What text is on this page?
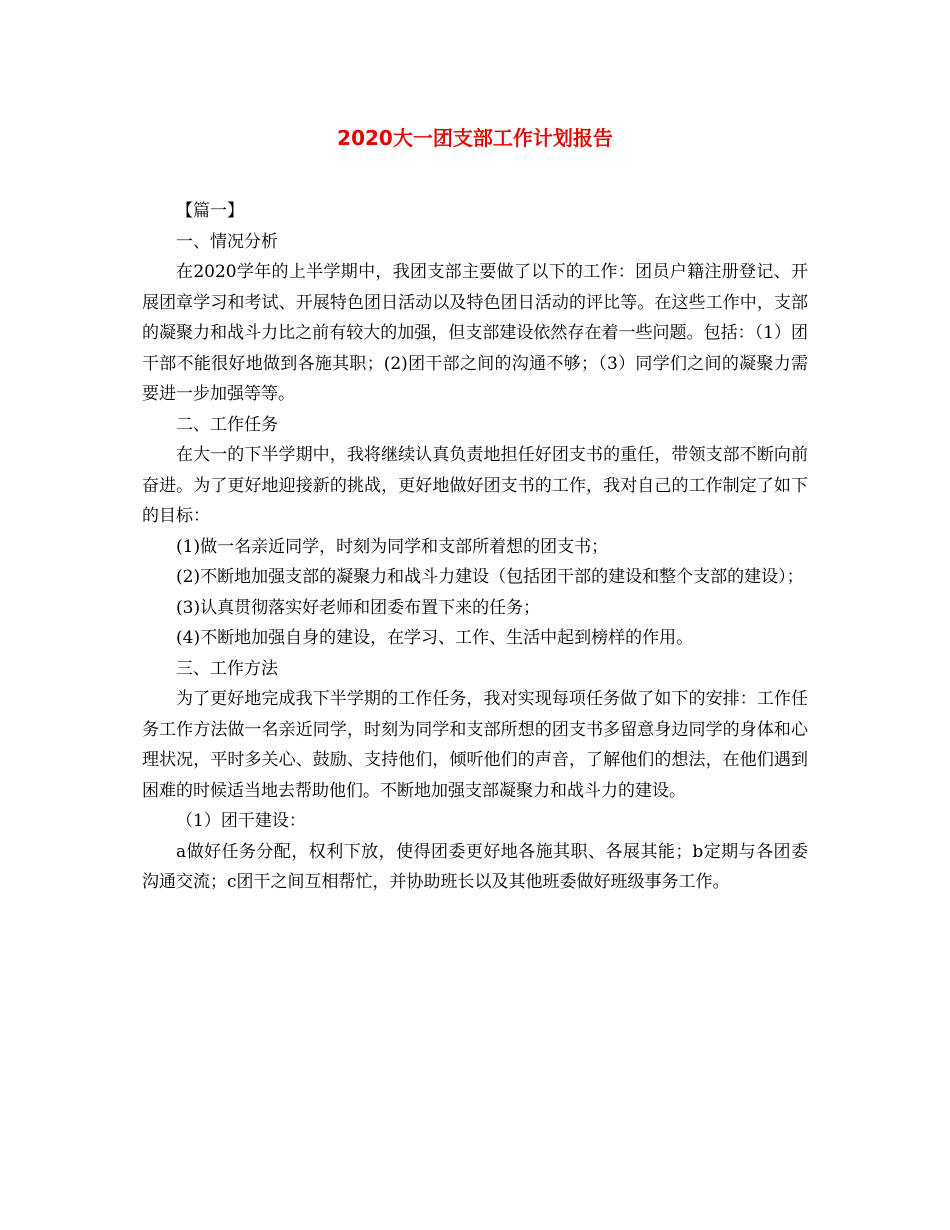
2020大一团支部工作计划报告

【篇一】

一、情况分析

在2020学年的上半学期中，我团支部主要做了以下的工作：团员户籍注册登记、开展团章学习和考试、开展特色团日活动以及特色团日活动的评比等。在这些工作中，支部的凝聚力和战斗力比之前有较大的加强，但支部建设依然存在着一些问题。包括：（1）团干部不能很好地做到各施其职；(2)团干部之间的沟通不够；（3）同学们之间的凝聚力需要进一步加强等等。

二、工作任务

在大一的下半学期中，我将继续认真负责地担任好团支书的重任，带领支部不断向前奋进。为了更好地迎接新的挑战，更好地做好团支书的工作，我对自己的工作制定了如下的目标：

(1)做一名亲近同学，时刻为同学和支部所着想的团支书；

(2)不断地加强支部的凝聚力和战斗力建设（包括团干部的建设和整个支部的建设）；

(3)认真贯彻落实好老师和团委布置下来的任务；

(4)不断地加强自身的建设，在学习、工作、生活中起到榜样的作用。

三、工作方法

为了更好地完成我下半学期的工作任务，我对实现每项任务做了如下的安排：工作任务工作方法做一名亲近同学，时刻为同学和支部所想的团支书多留意身边同学的身体和心理状况，平时多关心、鼓励、支持他们，倾听他们的声音，了解他们的想法，在他们遇到困难的时候适当地去帮助他们。不断地加强支部凝聚力和战斗力的建设。

（1）团干建设：

a做好任务分配，权利下放，使得团委更好地各施其职、各展其能；b定期与各团委沟通交流；c团干之间互相帮忙，并协助班长以及其他班委做好班级事务工作。
